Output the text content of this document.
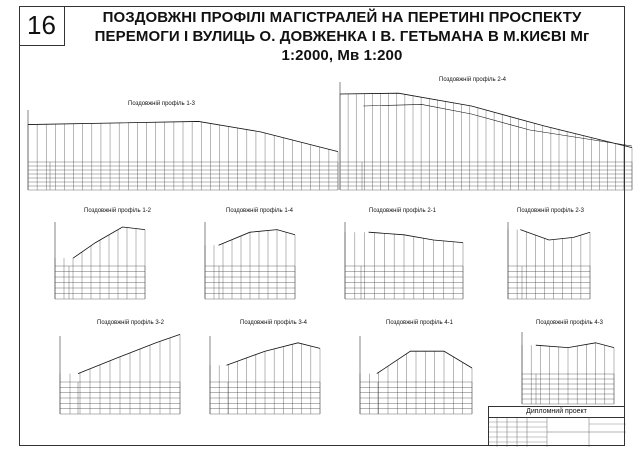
16	ПОЗДОВЖНІ ПРОФІЛІ МАГІСТРАЛЕЙ НА ПЕРЕТИНІ ПРОСПЕКТУ
ПЕРЕМОГИ І ВУЛИЦЬ О. ДОВЖЕНКА І В. ГЕТЬМАНА В М.КИЄВІ Мг
1:2000, Мв 1:200
Поздовжній профіль 1-3
Поздовжній профіль 2-4
Поздовжній профіль 1-2	Поздовжній профіль 1-4	Поздовжній профіль 2-1	Поздовжній профіль 2-3
Поздовжній профіль 3-2	Поздовжній профіль 3-4	Поздовжній профіль 4-1	Поздовжній профіль 4-3
Дипломний проект
